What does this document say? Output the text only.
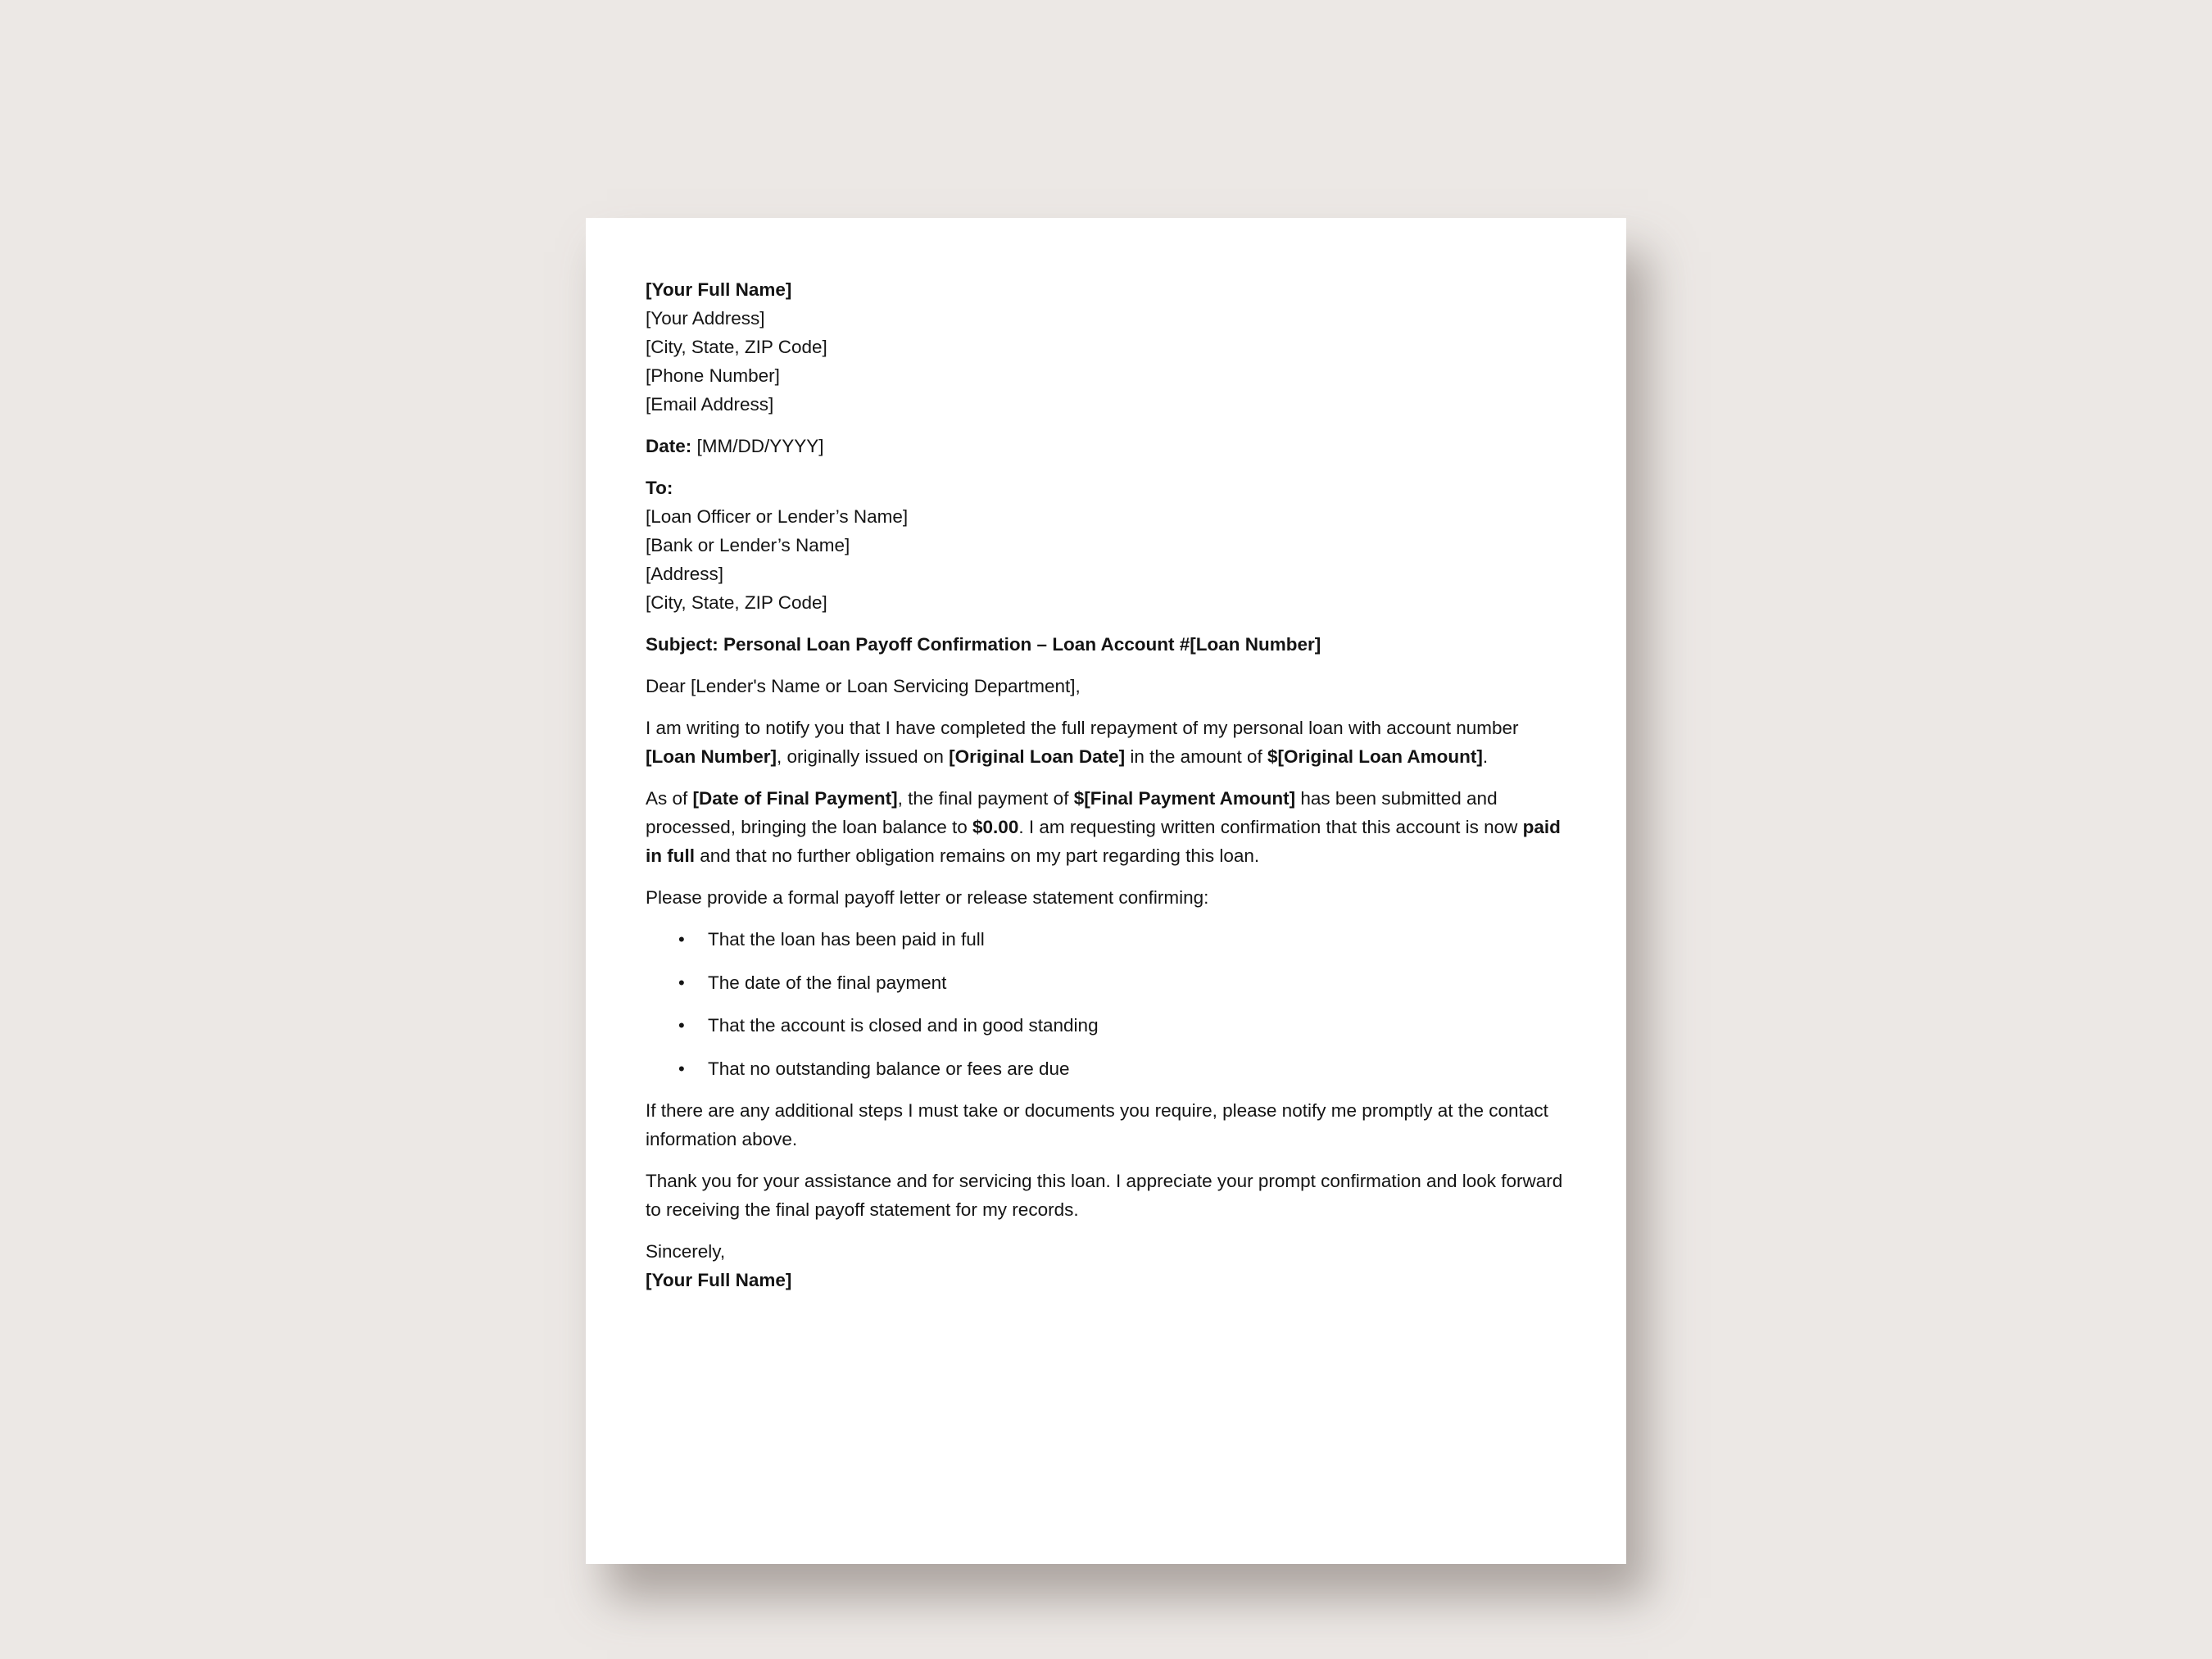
[Your Full Name]
[Your Address]
[City, State, ZIP Code]
[Phone Number]
[Email Address]

Date: [MM/DD/YYYY]

To:
[Loan Officer or Lender’s Name]
[Bank or Lender’s Name]
[Address]
[City, State, ZIP Code]

Subject: Personal Loan Payoff Confirmation – Loan Account #[Loan Number]

Dear [Lender's Name or Loan Servicing Department],

I am writing to notify you that I have completed the full repayment of my personal loan with account number [Loan Number], originally issued on [Original Loan Date] in the amount of $[Original Loan Amount].

As of [Date of Final Payment], the final payment of $[Final Payment Amount] has been submitted and processed, bringing the loan balance to $0.00. I am requesting written confirmation that this account is now paid in full and that no further obligation remains on my part regarding this loan.

Please provide a formal payoff letter or release statement confirming:

• That the loan has been paid in full
• The date of the final payment
• That the account is closed and in good standing
• That no outstanding balance or fees are due

If there are any additional steps I must take or documents you require, please notify me promptly at the contact information above.

Thank you for your assistance and for servicing this loan. I appreciate your prompt confirmation and look forward to receiving the final payoff statement for my records.

Sincerely,
[Your Full Name]
